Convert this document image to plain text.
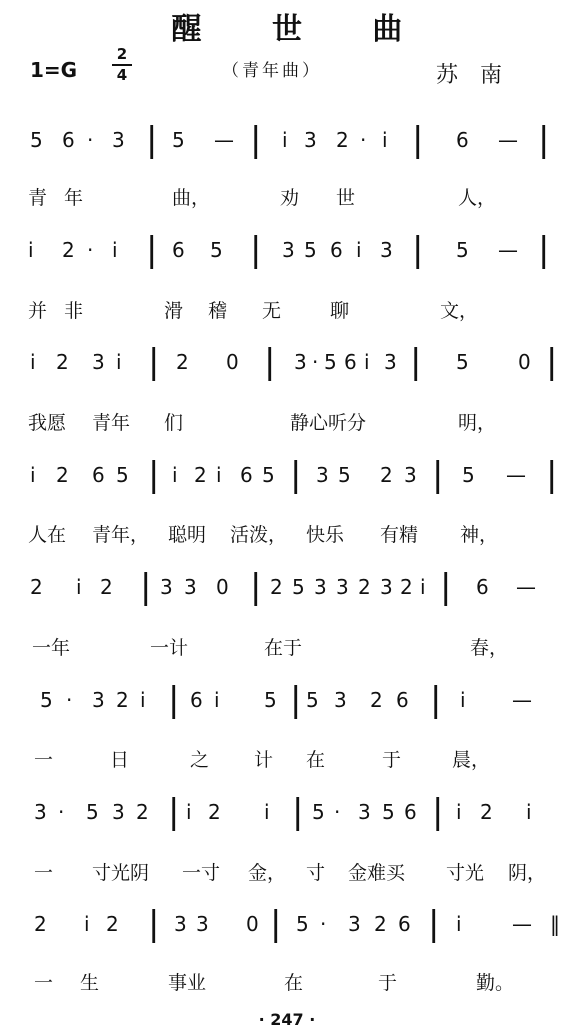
醒 世 曲
1=G
2
4	（青年曲）	苏南
5 6 · 3 | 5 — | i 3 2 · i | 6 — |
青 年	曲，	劝 世	人，
i 2 · i | 6 5 | 3 5 6 i 3 | 5 — |
并 非	滑 稽 无	聊	文，
i 2 3 i | 2 0 | 3 · 5 6 i 3 | 5 0 |
我愿 青年 们	静心听分	明，
i 2 6 5 | i 2 i 6 5 | 3 5 2 3 | 5 — |
人在 青年， 聪明 活泼， 快乐 有精 神，
2 i 2 | 3 3 0 | 2 5 3 3 2 3 2 i | 6 —
一年	一计	在于	春，
5 · 3 2 i | 6 i 5 | 5 3 2 6 | i —
一	日	之 计 在	于	晨，
3 · 5 3 2 | i 2 i | 5 · 3 5 6 | i 2 i
一 寸光阴 一寸 金， 寸 金难买 寸光 阴，
2 i 2 | 3 3 0 | 5 · 3 2 6 | i	— ‖
一 生	事业	在	于	勤。
· 247 ·
